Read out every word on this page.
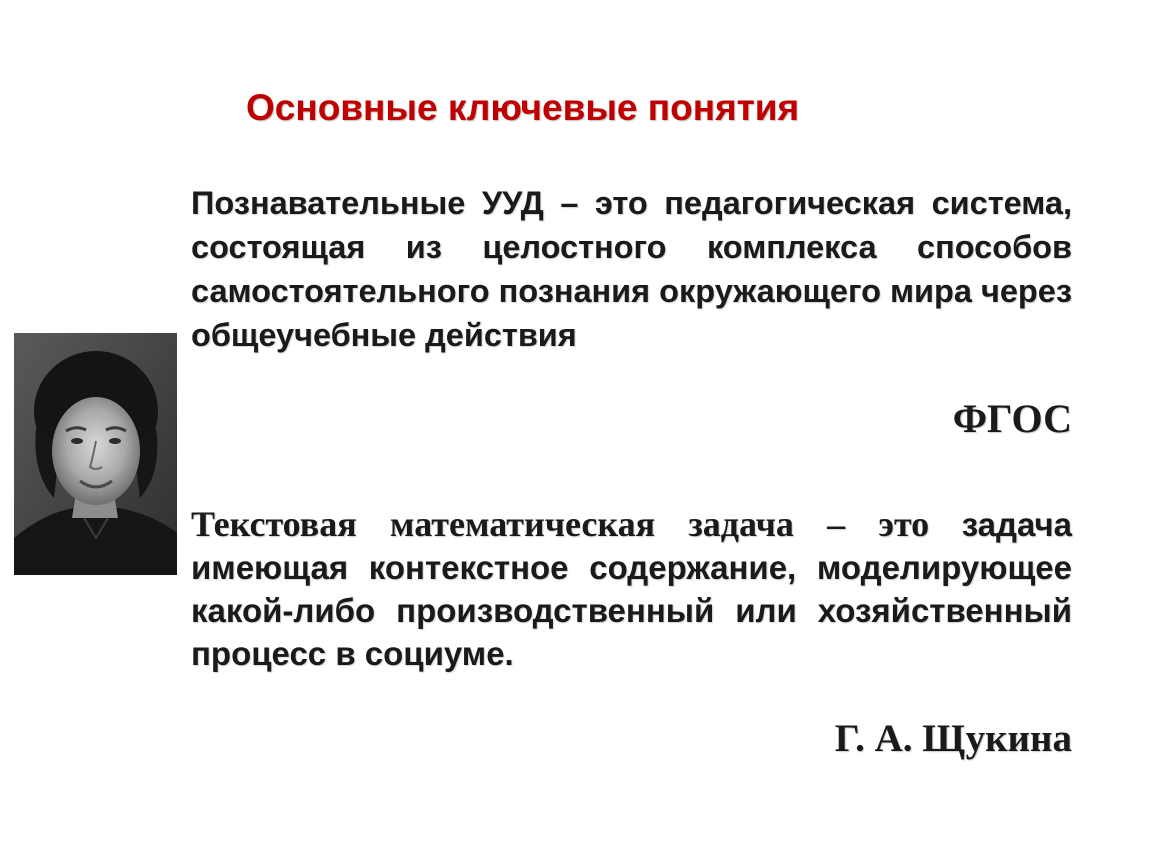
Основные ключевые понятия
Познавательные УУД – это педагогическая система, состоящая из целостного комплекса способов самостоятельного познания окружающего мира через общеучебные действия
ФГОС
Текстовая математическая задача – это задача имеющая контекстное содержание, моделирующее какой-либо производственный или хозяйственный процесс в социуме.
Г. А. Щукина
